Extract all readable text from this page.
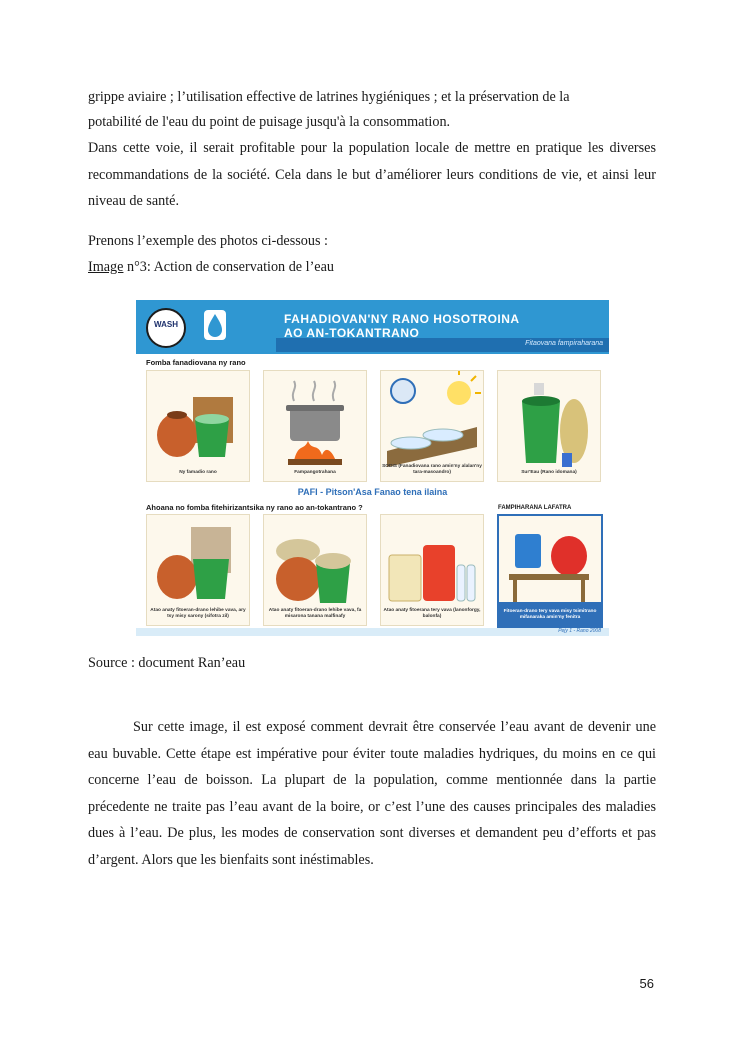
grippe aviaire ; l’utilisation effective de latrines hygiéniques ; et la préservation de la
potabilité de l'eau du point de puisage jusqu'à la consommation.
Dans cette voie, il serait profitable pour la population locale de mettre en pratique les diverses recommandations de la société. Cela dans le but d’améliorer leurs conditions de vie, et ainsi leur niveau de santé.
Prenons l’exemple des photos ci-dessous :
Image n°3: Action de conservation de l’eau
WASH	FAHADIOVAN'NY RANO HOSOTROINA
AO AN-TOKANTRANO
Fitaovana fampiraharana
Fomba fanadiovana ny rano
Ny famadio rano	Fampangotrahana
SODIS (Fanadiovana rano amin'ny alalan'ny tara-masoandro)	Sur'Eau (Rano idomana)
PAFI - Pitson'Asa Fanao tena ilaina
Ahoana no fomba fitehirizantsika ny rano ao an-tokantrano ?	FAMPIHARANA LAFATRA
Atao anaty fitoeran-drano lehibe vava, ary tsy misy sarony (sifotra zil)
Atao anaty fitoeran-drano lehibe vava, fa misarona tanana malfinafy
Atao anaty fitoerana tery vava (lanonforgy, balonfa)
Fitoeran-drano tery vava misy tsimitrano mifanaraka amin'ny fenitra
Pejy 1 - Rano 2008
Source : document Ran’eau
Sur cette image, il est exposé comment devrait être conservée l’eau avant de devenir une eau buvable. Cette étape est impérative pour éviter toute maladies hydriques, du moins en ce qui concerne l’eau de boisson. La plupart de la population, comme mentionnée dans la partie précedente ne traite pas l’eau avant de la boire, or c’est l’une des causes principales des maladies dues à l’eau. De plus, les modes de conservation sont diverses et demandent peu d’efforts et pas d’argent. Alors que les bienfaits sont inéstimables.
56
